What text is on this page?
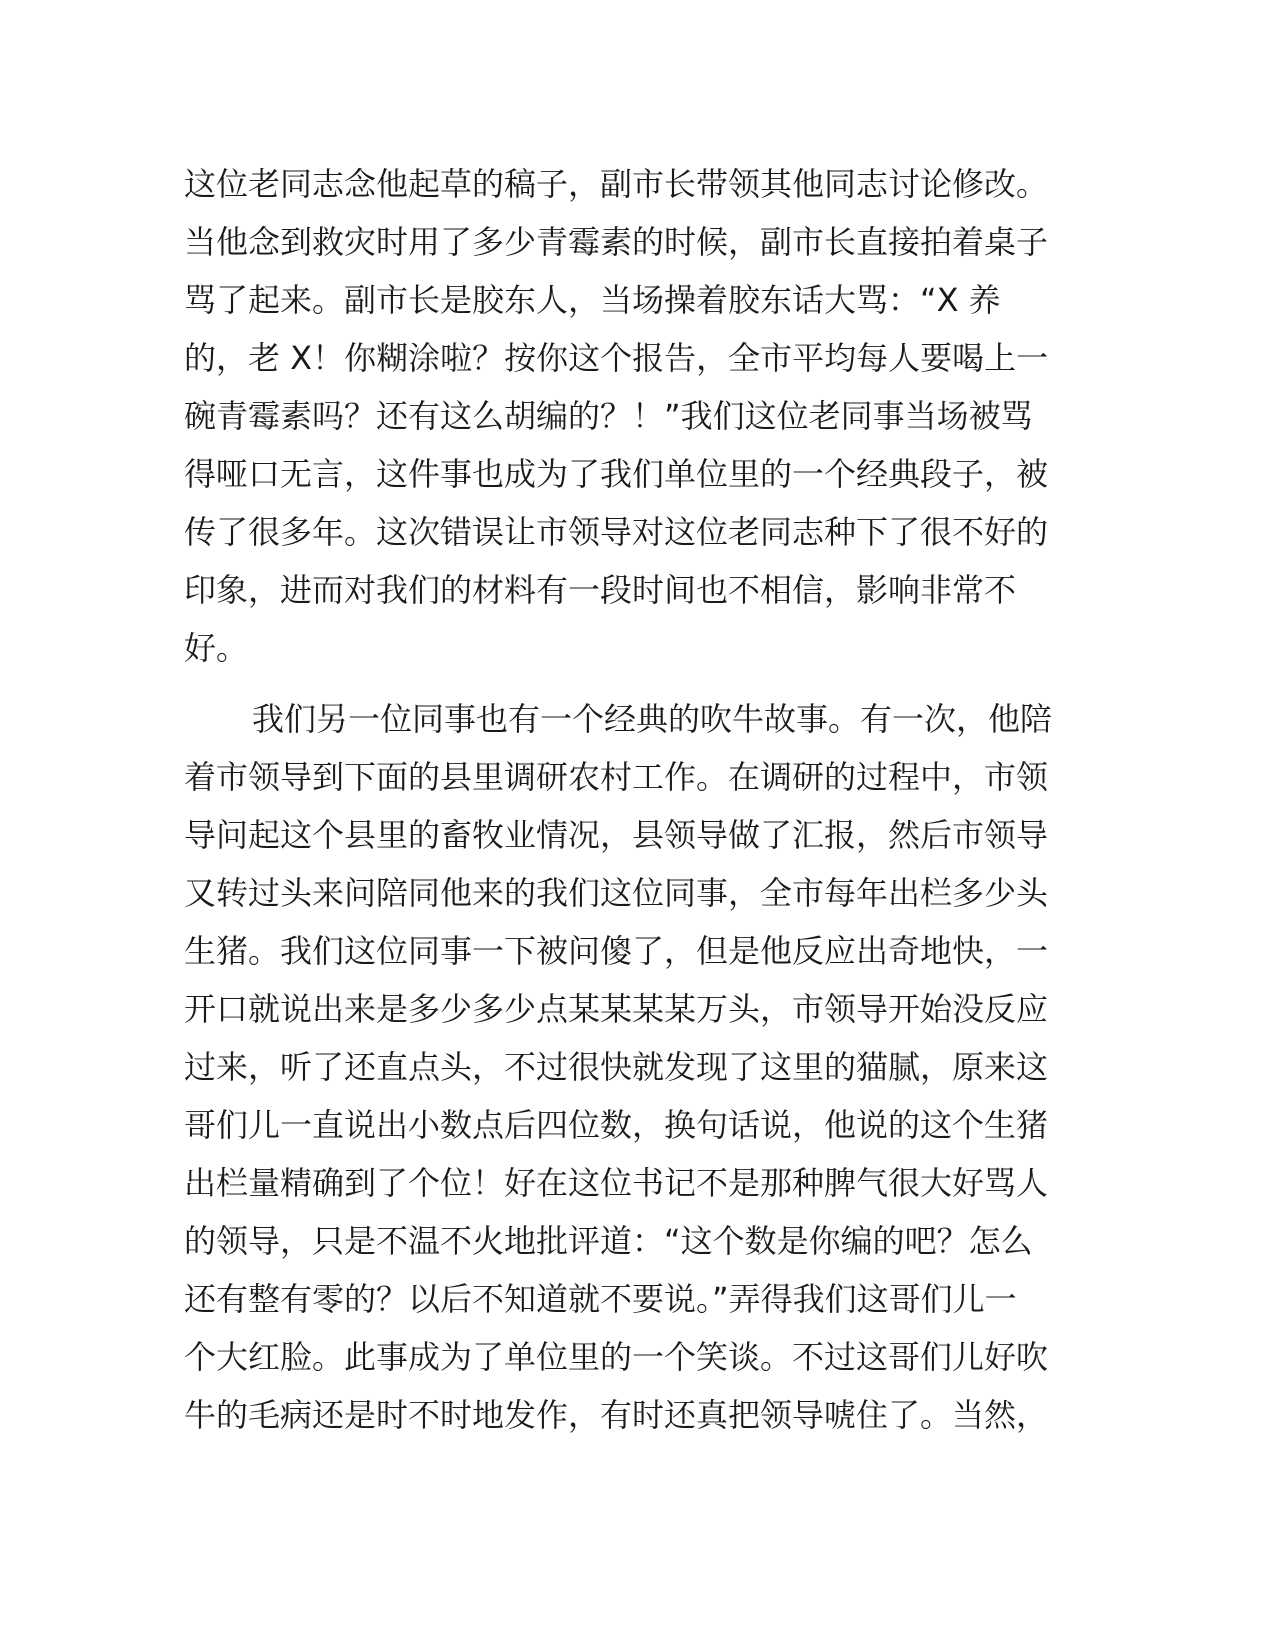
这位老同志念他起草的稿子，副市长带领其他同志讨论修改。
当他念到救灾时用了多少青霉素的时候，副市长直接拍着桌子
骂了起来。副市长是胶东人，当场操着胶东话大骂：“X 养
的，老 X！你糊涂啦？按你这个报告，全市平均每人要喝上一
碗青霉素吗？还有这么胡编的？！”我们这位老同事当场被骂
得哑口无言，这件事也成为了我们单位里的一个经典段子，被
传了很多年。这次错误让市领导对这位老同志种下了很不好的
印象，进而对我们的材料有一段时间也不相信，影响非常不
好。
我们另一位同事也有一个经典的吹牛故事。有一次，他陪
着市领导到下面的县里调研农村工作。在调研的过程中，市领
导问起这个县里的畜牧业情况，县领导做了汇报，然后市领导
又转过头来问陪同他来的我们这位同事，全市每年出栏多少头
生猪。我们这位同事一下被问傻了，但是他反应出奇地快，一
开口就说出来是多少多少点某某某某万头，市领导开始没反应
过来，听了还直点头，不过很快就发现了这里的猫腻，原来这
哥们儿一直说出小数点后四位数，换句话说，他说的这个生猪
出栏量精确到了个位！好在这位书记不是那种脾气很大好骂人
的领导，只是不温不火地批评道：“这个数是你编的吧？怎么
还有整有零的？以后不知道就不要说。”弄得我们这哥们儿一
个大红脸。此事成为了单位里的一个笑谈。不过这哥们儿好吹
牛的毛病还是时不时地发作，有时还真把领导唬住了。当然，
